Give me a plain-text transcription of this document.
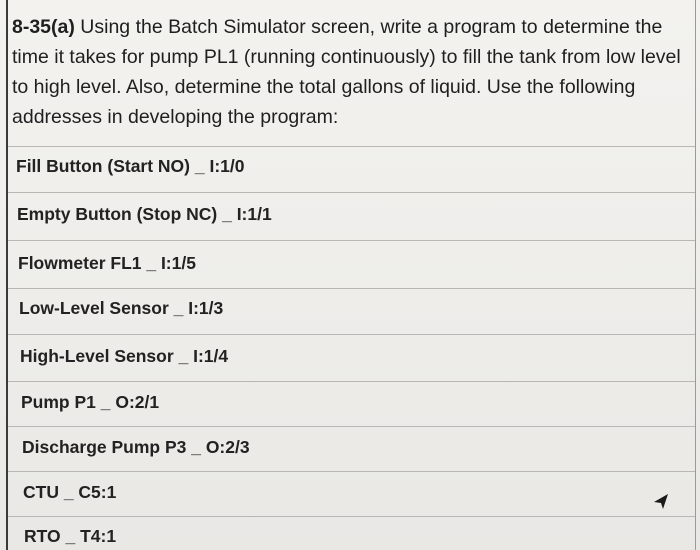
8-35(a) Using the Batch Simulator screen, write a program to determine the time it takes for pump PL1 (running continuously) to fill the tank from low level to high level. Also, determine the total gallons of liquid. Use the following addresses in developing the program:

Fill Button (Start NO) _ I:1/0
Empty Button (Stop NC) _ I:1/1
Flowmeter FL1 _ I:1/5
Low-Level Sensor _ I:1/3
High-Level Sensor _ I:1/4
Pump P1 _ O:2/1
Discharge Pump P3 _ O:2/3
CTU _ C5:1
RTO _ T4:1
